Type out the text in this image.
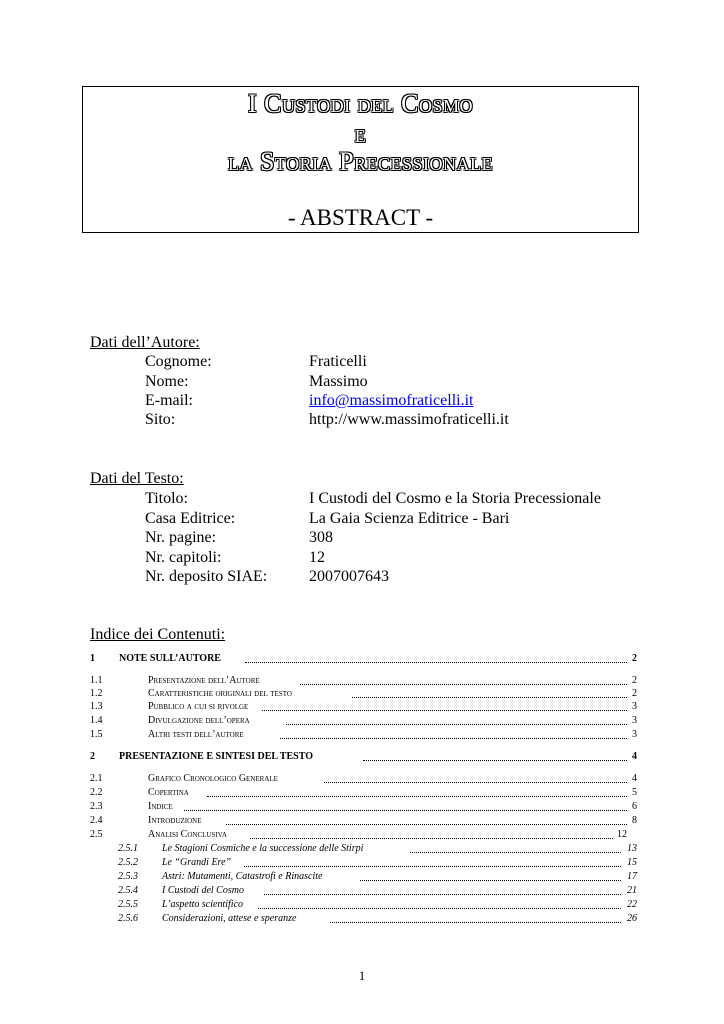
I Custodi del Cosmo
e
la Storia Precessionale
- ABSTRACT -
Dati dell’Autore:
Cognome:	Fraticelli
Nome:	Massimo
E-mail:	info@massimofraticelli.it
Sito:	http://www.massimofraticelli.it
Dati del Testo:
Titolo:	I Custodi del Cosmo e la Storia Precessionale
Casa Editrice:	La Gaia Scienza Editrice - Bari
Nr. pagine:	308
Nr. capitoli:	12
Nr. deposito SIAE:	2007007643
Indice dei Contenuti:
1 NOTE SULL’AUTORE	2
1.1	Presentazione dell’Autore	2
1.2	Caratteristiche originali del testo	2
1.3	Pubblico a cui si rivolge	3
1.4	Divulgazione dell’opera	3
1.5	Altri testi dell’autore	3
2 PRESENTAZIONE E SINTESI DEL TESTO	4
2.1	Grafico Cronologico Generale	4
2.2	Copertina	5
2.3	Indice	6
2.4	Introduzione	8
2.5	Analisi Conclusiva	12
2.5.1 Le Stagioni Cosmiche e la successione delle Stirpi	13
2.5.2 Le “Grandi Ere”	15
2.5.3 Astri: Mutamenti, Catastrofi e Rinascite	17
2.5.4 I Custodi del Cosmo	21
2.5.5 L’aspetto scientifico	22
2.5.6 Considerazioni, attese e speranze	26
1
